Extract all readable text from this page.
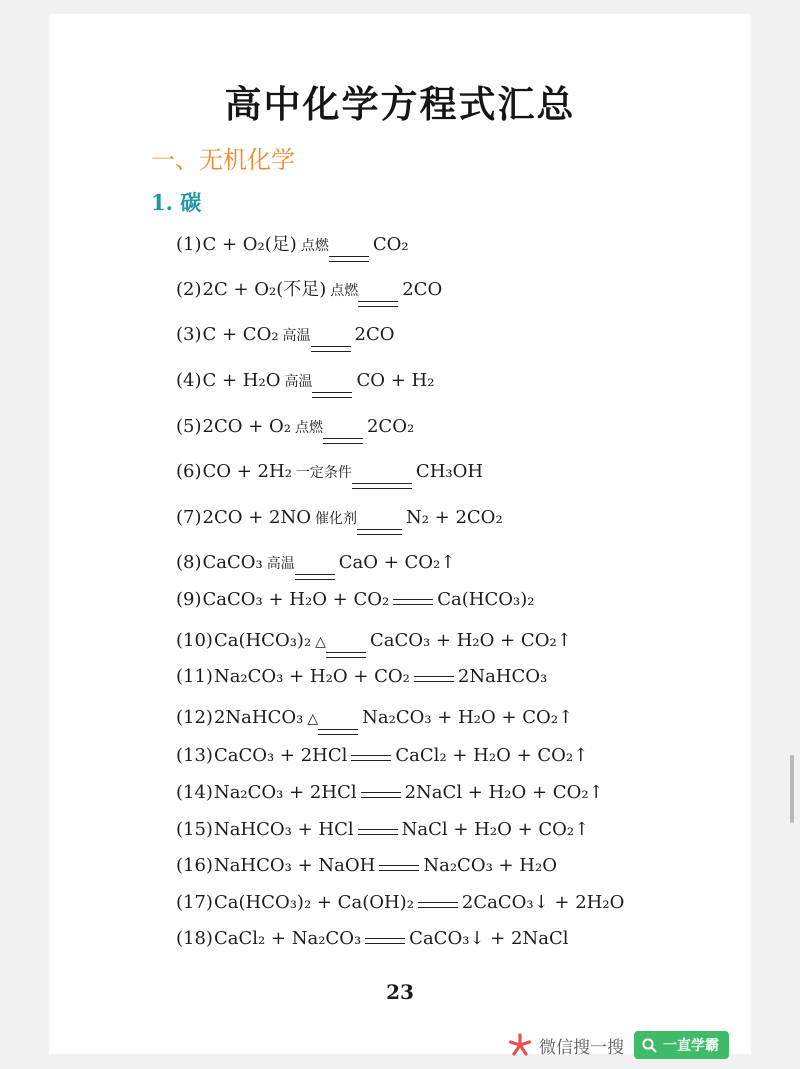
高中化学方程式汇总
一、无机化学
1. 碳
(1) C + O₂(足) 点燃	CO₂
(2) 2C + O₂(不足) 点燃	2CO
(3) C + CO₂ 高温	2CO
(4) C + H₂O 高温	CO + H₂
(5) 2CO + O₂ 点燃	2CO₂
(6) CO + 2H₂ 一定条件	CH₃OH
(7) 2CO + 2NO 催化剂	N₂ + 2CO₂
(8) CaCO₃ 高温	CaO + CO₂↑
(9) CaCO₃ + H₂O + CO₂	Ca(HCO₃)₂
(10) Ca(HCO₃)₂ △	CaCO₃ + H₂O + CO₂↑
(11) Na₂CO₃ + H₂O + CO₂	2NaHCO₃
(12) 2NaHCO₃ △	Na₂CO₃ + H₂O + CO₂↑
(13) CaCO₃ + 2HCl	CaCl₂ + H₂O + CO₂↑
(14) Na₂CO₃ + 2HCl	2NaCl + H₂O + CO₂↑
(15) NaHCO₃ + HCl	NaCl + H₂O + CO₂↑
(16) NaHCO₃ + NaOH	Na₂CO₃ + H₂O
(17) Ca(HCO₃)₂ + Ca(OH)₂	2CaCO₃↓ + 2H₂O
(18) CaCl₂ + Na₂CO₃	CaCO₃↓ + 2NaCl
23
微信搜一搜	一直学霸
